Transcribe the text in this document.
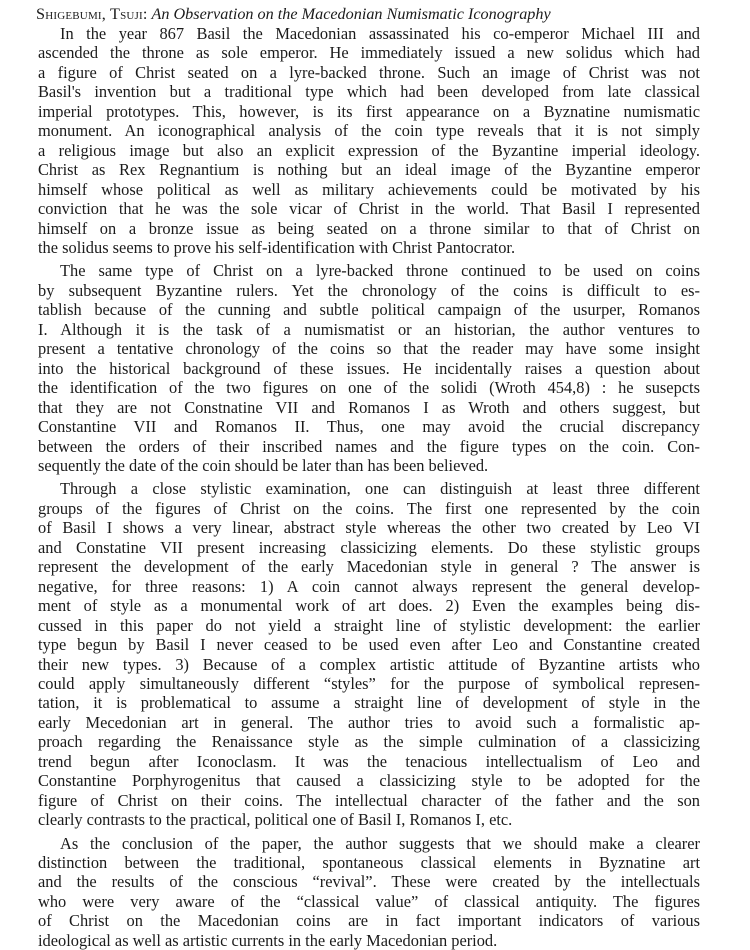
Shigebumi, Tsuji: An Observation on the Macedonian Numismatic Iconography

In the year 867 Basil the Macedonian assassinated his co-emperor Michael III and
ascended the throne as sole emperor. He immediately issued a new solidus which had
a figure of Christ seated on a lyre-backed throne. Such an image of Christ was not
Basil's invention but a traditional type which had been developed from late classical
imperial prototypes. This, however, is its first appearance on a Byznatine numismatic
monument. An iconographical analysis of the coin type reveals that it is not simply
a religious image but also an explicit expression of the Byzantine imperial ideology.
Christ as Rex Regnantium is nothing but an ideal image of the Byzantine emperor
himself whose political as well as military achievements could be motivated by his
conviction that he was the sole vicar of Christ in the world. That Basil I represented
himself on a bronze issue as being seated on a throne similar to that of Christ on
the solidus seems to prove his self-identification with Christ Pantocrator.

The same type of Christ on a lyre-backed throne continued to be used on coins
by subsequent Byzantine rulers. Yet the chronology of the coins is difficult to es-
tablish because of the cunning and subtle political campaign of the usurper, Romanos
I. Although it is the task of a numismatist or an historian, the author ventures to
present a tentative chronology of the coins so that the reader may have some insight
into the historical background of these issues. He incidentally raises a question about
the identification of the two figures on one of the solidi (Wroth 454,8) : he susepcts
that they are not Constnatine VII and Romanos I as Wroth and others suggest, but
Constantine VII and Romanos II. Thus, one may avoid the crucial discrepancy
between the orders of their inscribed names and the figure types on the coin. Con-
sequently the date of the coin should be later than has been believed.

Through a close stylistic examination, one can distinguish at least three different
groups of the figures of Christ on the coins. The first one represented by the coin
of Basil I shows a very linear, abstract style whereas the other two created by Leo VI
and Constatine VII present increasing classicizing elements. Do these stylistic groups
represent the development of the early Macedonian style in general ? The answer is
negative, for three reasons: 1) A coin cannot always represent the general develop-
ment of style as a monumental work of art does. 2) Even the examples being dis-
cussed in this paper do not yield a straight line of stylistic development: the earlier
type begun by Basil I never ceased to be used even after Leo and Constantine created
their new types. 3) Because of a complex artistic attitude of Byzantine artists who
could apply simultaneously different “styles” for the purpose of symbolical represen-
tation, it is problematical to assume a straight line of development of style in the
early Mecedonian art in general. The author tries to avoid such a formalistic ap-
proach regarding the Renaissance style as the simple culmination of a classicizing
trend begun after Iconoclasm. It was the tenacious intellectualism of Leo and
Constantine Porphyrogenitus that caused a classicizing style to be adopted for the
figure of Christ on their coins. The intellectual character of the father and the son
clearly contrasts to the practical, political one of Basil I, Romanos I, etc.

As the conclusion of the paper, the author suggests that we should make a clearer
distinction between the traditional, spontaneous classical elements in Byznatine art
and the results of the conscious “revival”. These were created by the intellectuals
who were very aware of the “classical value” of classical antiquity. The figures
of Christ on the Macedonian coins are in fact important indicators of various
ideological as well as artistic currents in the early Macedonian period.
